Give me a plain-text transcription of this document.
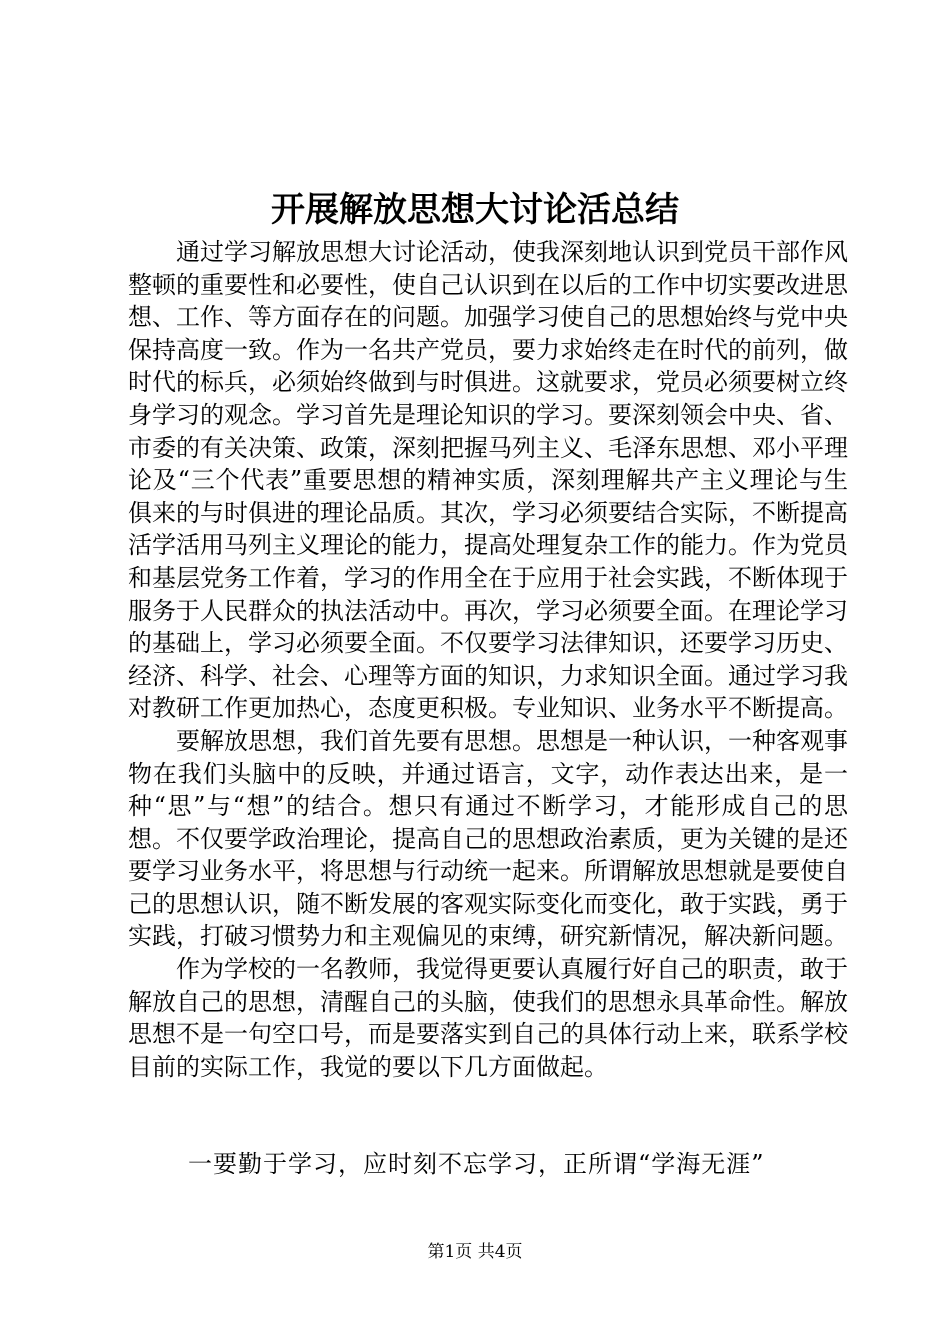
开展解放思想大讨论活总结

通过学习解放思想大讨论活动，使我深刻地认识到党员干部作风整顿的重要性和必要性，使自己认识到在以后的工作中切实要改进思想、工作、等方面存在的问题。加强学习使自己的思想始终与党中央保持高度一致。作为一名共产党员，要力求始终走在时代的前列，做时代的标兵，必须始终做到与时俱进。这就要求，党员必须要树立终身学习的观念。学习首先是理论知识的学习。要深刻领会中央、省、市委的有关决策、政策，深刻把握马列主义、毛泽东思想、邓小平理论及“三个代表”重要思想的精神实质，深刻理解共产主义理论与生俱来的与时俱进的理论品质。其次，学习必须要结合实际，不断提高活学活用马列主义理论的能力，提高处理复杂工作的能力。作为党员和基层党务工作着，学习的作用全在于应用于社会实践，不断体现于服务于人民群众的执法活动中。再次，学习必须要全面。在理论学习的基础上，学习必须要全面。不仅要学习法律知识，还要学习历史、经济、科学、社会、心理等方面的知识，力求知识全面。通过学习我对教研工作更加热心，态度更积极。专业知识、业务水平不断提高。

要解放思想，我们首先要有思想。思想是一种认识，一种客观事物在我们头脑中的反映，并通过语言，文字，动作表达出来，是一种“思”与“想”的结合。想只有通过不断学习，才能形成自己的思想。不仅要学政治理论，提高自己的思想政治素质，更为关键的是还要学习业务水平，将思想与行动统一起来。所谓解放思想就是要使自己的思想认识，随不断发展的客观实际变化而变化，敢于实践，勇于实践，打破习惯势力和主观偏见的束缚，研究新情况，解决新问题。

作为学校的一名教师，我觉得更要认真履行好自己的职责，敢于解放自己的思想，清醒自己的头脑，使我们的思想永具革命性。解放思想不是一句空口号，而是要落实到自己的具体行动上来，联系学校目前的实际工作，我觉的要以下几方面做起。

一要勤于学习，应时刻不忘学习，正所谓“学海无涯”

第1页 共4页
